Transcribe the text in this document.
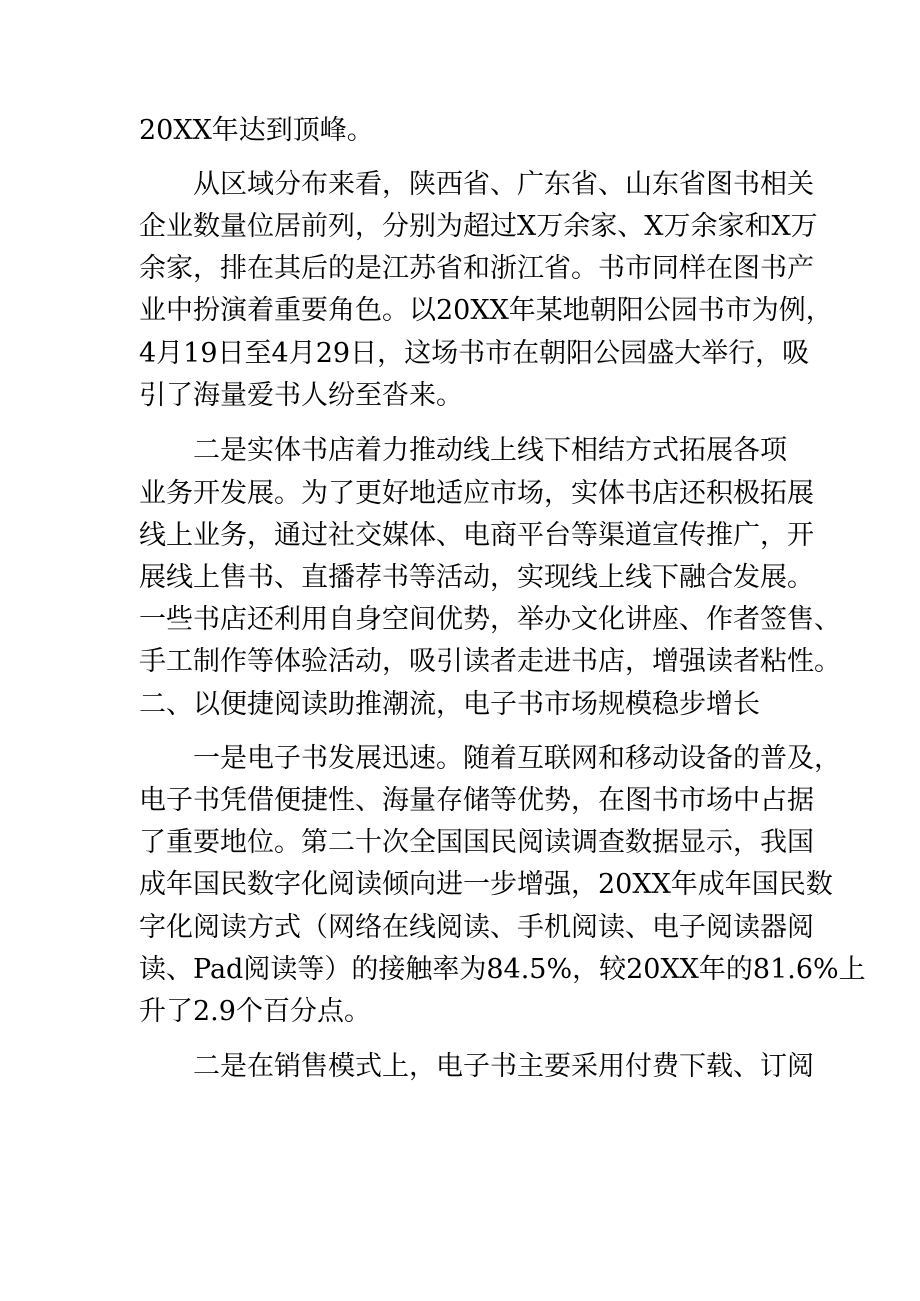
20XX年达到顶峰。
从区域分布来看，陕西省、广东省、山东省图书相关
企业数量位居前列，分别为超过X万余家、X万余家和X万
余家，排在其后的是江苏省和浙江省。书市同样在图书产
业中扮演着重要角色。以20XX年某地朝阳公园书市为例，
4月19日至4月29日，这场书市在朝阳公园盛大举行，吸
引了海量爱书人纷至沓来。
二是实体书店着力推动线上线下相结方式拓展各项
业务开发展。为了更好地适应市场，实体书店还积极拓展
线上业务，通过社交媒体、电商平台等渠道宣传推广，开
展线上售书、直播荐书等活动，实现线上线下融合发展。
一些书店还利用自身空间优势，举办文化讲座、作者签售、
手工制作等体验活动，吸引读者走进书店，增强读者粘性。
二、以便捷阅读助推潮流，电子书市场规模稳步增长
一是电子书发展迅速。随着互联网和移动设备的普及，
电子书凭借便捷性、海量存储等优势，在图书市场中占据
了重要地位。第二十次全国国民阅读调查数据显示，我国
成年国民数字化阅读倾向进一步增强，20XX年成年国民数
字化阅读方式（网络在线阅读、手机阅读、电子阅读器阅
读、Pad阅读等）的接触率为84.5%，较20XX年的81.6%上
升了2.9个百分点。
二是在销售模式上，电子书主要采用付费下载、订阅
